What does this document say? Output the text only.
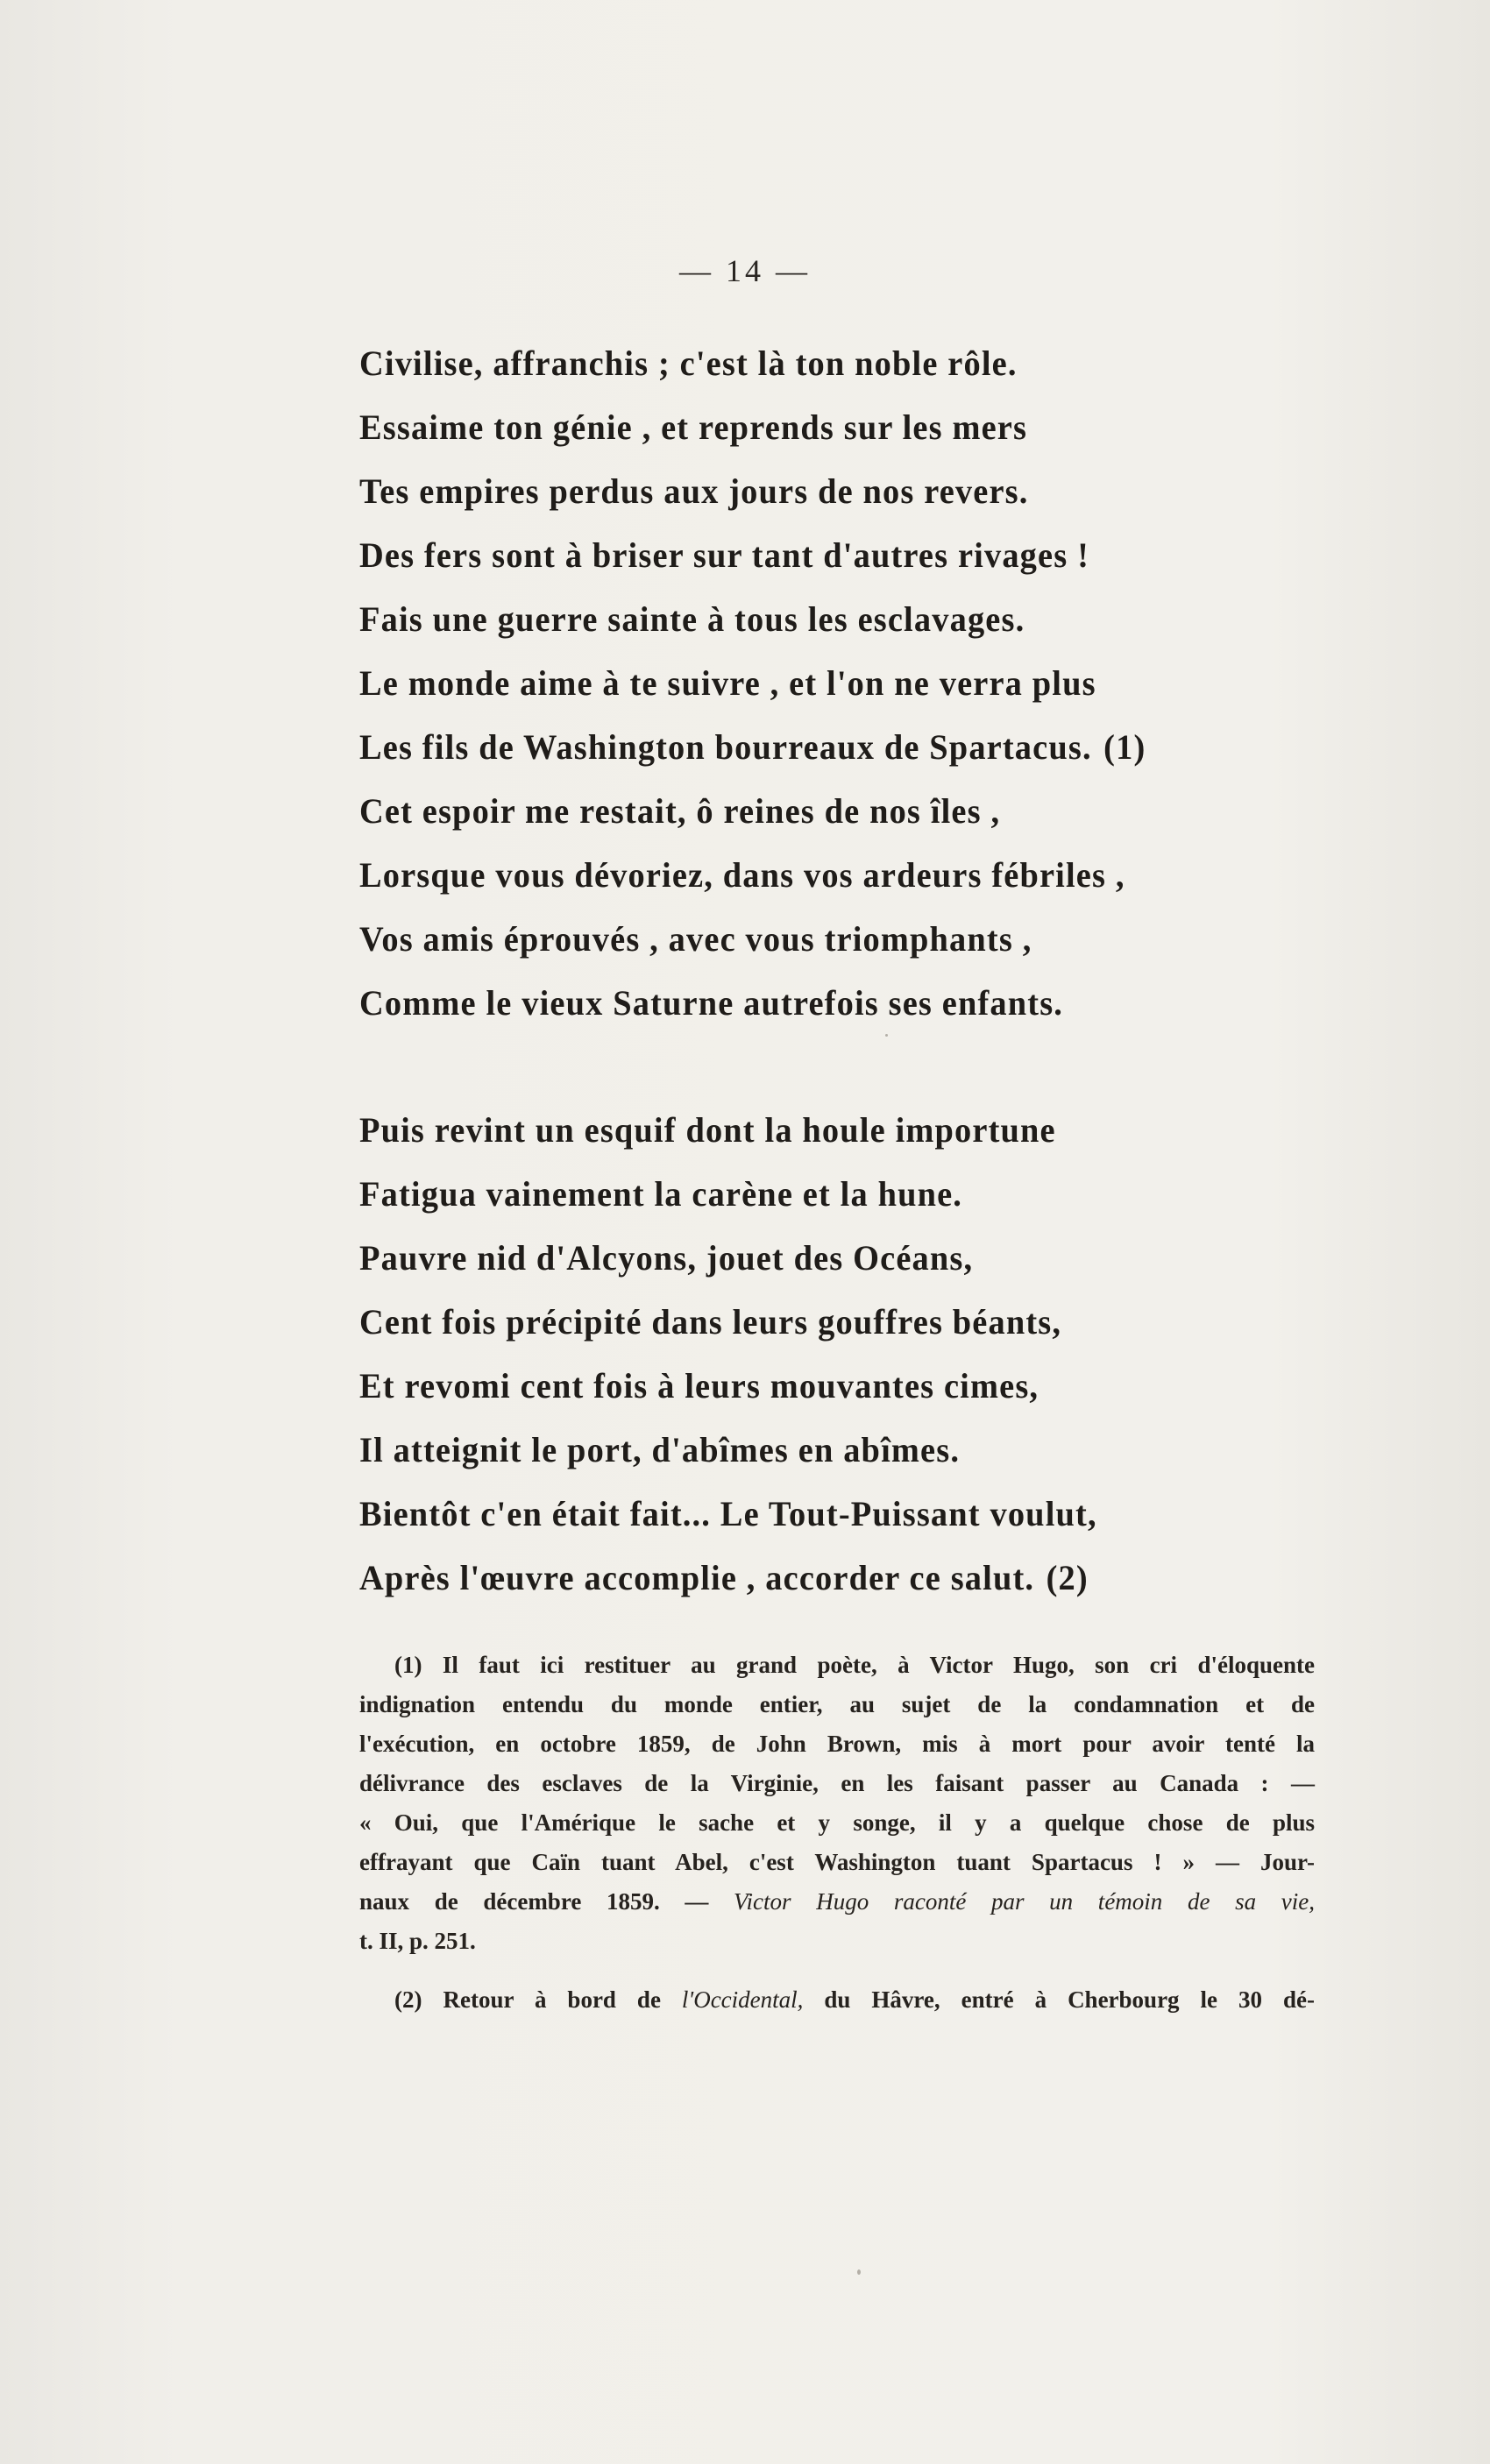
— 14 —
Civilise, affranchis ; c'est là ton noble rôle.
Essaime ton génie , et reprends sur les mers
Tes empires perdus aux jours de nos revers.
Des fers sont à briser sur tant d'autres rivages !
Fais une guerre sainte à tous les esclavages.
Le monde aime à te suivre , et l'on ne verra plus
Les fils de Washington bourreaux de Spartacus. (1)
Cet espoir me restait, ô reines de nos îles ,
Lorsque vous dévoriez, dans vos ardeurs fébriles ,
Vos amis éprouvés , avec vous triomphants ,
Comme le vieux Saturne autrefois ses enfants.
Puis revint un esquif dont la houle importune
Fatigua vainement la carène et la hune.
Pauvre nid d'Alcyons, jouet des Océans,
Cent fois précipité dans leurs gouffres béants,
Et revomi cent fois à leurs mouvantes cimes,
Il atteignit le port, d'abîmes en abîmes.
Bientôt c'en était fait... Le Tout-Puissant voulut,
Après l'œuvre accomplie , accorder ce salut. (2)
(1) Il faut ici restituer au grand poète, à Victor Hugo, son cri d'éloquente
indignation entendu du monde entier, au sujet de la condamnation et de
l'exécution, en octobre 1859, de John Brown, mis à mort pour avoir tenté la
délivrance des esclaves de la Virginie, en les faisant passer au Canada : —
« Oui, que l'Amérique le sache et y songe, il y a quelque chose de plus
effrayant que Caïn tuant Abel, c'est Washington tuant Spartacus ! » — Jour-
naux de décembre 1859. — Victor Hugo raconté par un témoin de sa vie,
t. II, p. 251.
(2) Retour à bord de l'Occidental, du Hâvre, entré à Cherbourg le 30 dé-
